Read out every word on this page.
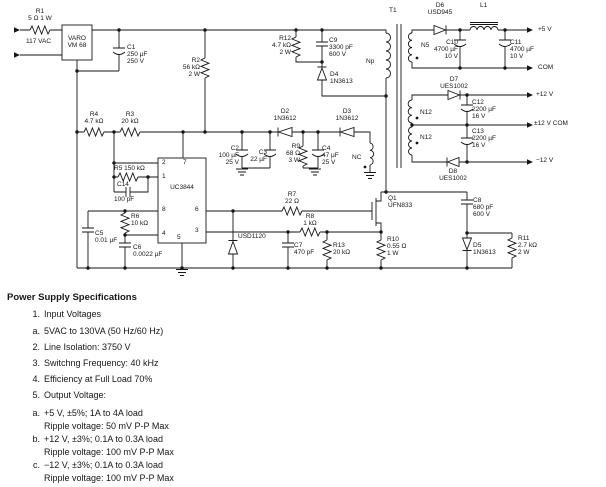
R1
5 Ω 1 W
117 VAC	VARO
VM 68	C1
250 µF
250 V	R2
56 kΩ
2 W
R4
4.7 kΩ
R3
20 kΩ
R12
4.7 kΩ
2 W
C9
3300 pF
600 V
D4
1N3613
Np
T1
D2
1N3612
D3
1N3612
C2
100 µF
25 V
C3
22 µF
R9
68 Ω
3 W
C4
47 µF
25 V
NC
UC3844
2	7
1
8	6
4	3
5
R5 150 kΩ
C14
100 pF
R6
10 kΩ
C5
0.01 µF
C6
0.0022 µF
R7
22 Ω
USD1120
R8
1 kΩ
C7
470 pF
R13
20 kΩ
R10
0.55 Ω
1 W
Q1
UFN833
C8
680 pF
600 V
D5
1N3613
R11
2.7 kΩ
2 W
D6
USD945
L1
C10
4700 µF
10 V
C11
4700 µF
10 V
D7
UES1002
C12
2200 µF
16 V
C13
2200 µF
16 V
D8
UES1002
N5
N12
N12
+5 V
COM
+12 V
±12 V COM
−12 V
Power Supply Specifications
1. Input Voltages
a. 5VAC to 130VA (50 Hz/60 Hz)
2. Line Isolation: 3750 V
3. Switchng Frequency: 40 kHz
4. Efficiency at Full Load 70%
5. Output Voltage:
a. +5 V, ±5%; 1A to 4A load
Ripple voltage: 50 mV P-P Max
b. +12 V, ±3%; 0.1A to 0.3A load
Ripple voltage: 100 mV P-P Max
c. −12 V, ±3%; 0.1A to 0.3A load
Ripple voltage: 100 mV P-P Max
